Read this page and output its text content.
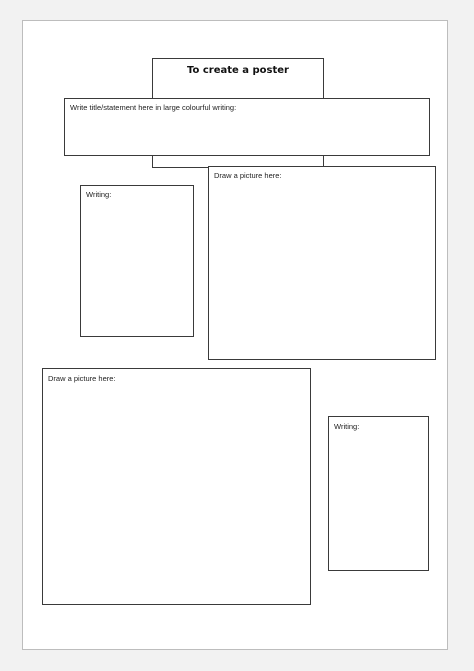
To create a poster
Write title/statement here in large colourful writing:
Writing:
Draw a picture here:
Draw a picture here:
Writing:
